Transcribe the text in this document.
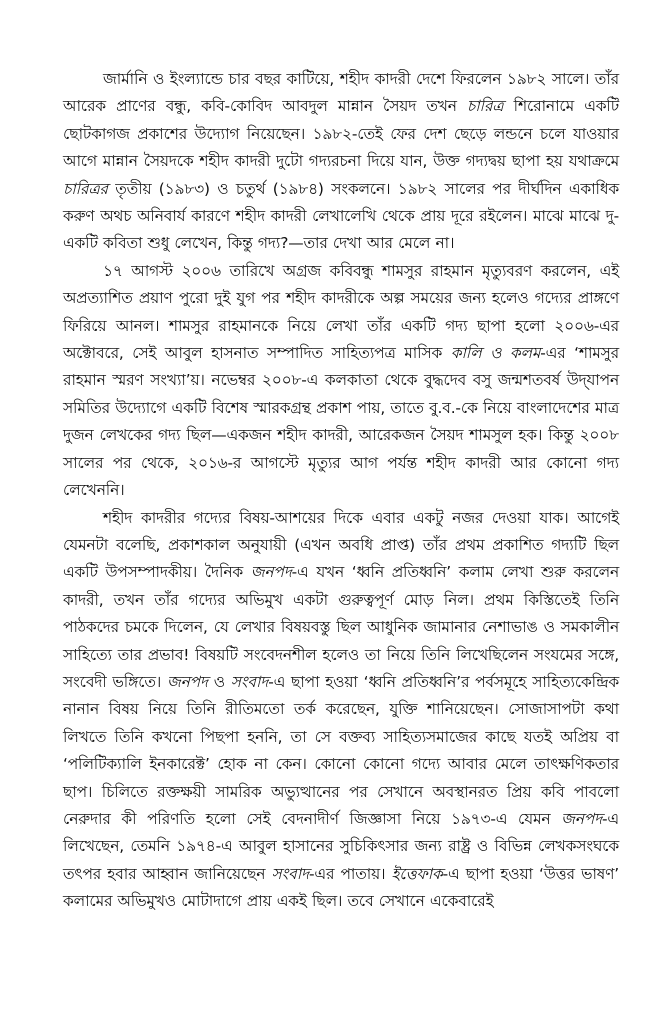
জার্মানি ও ইংল্যান্ডে চার বছর কাটিয়ে, শহীদ কাদরী দেশে ফিরলেন ১৯৮২ সালে। তাঁর আরেক প্রাণের বন্ধু, কবি-কোবিদ আবদুল মান্নান সৈয়দ তখন চারিত্র শিরোনামে একটি ছোটকাগজ প্রকাশের উদ্যোগ নিয়েছেন। ১৯৮২-তেই ফের দেশ ছেড়ে লন্ডনে চলে যাওয়ার আগে মান্নান সৈয়দকে শহীদ কাদরী দুটো গদ্যরচনা দিয়ে যান, উক্ত গদ্যদ্বয় ছাপা হয় যথাক্রমে চারিত্রর তৃতীয় (১৯৮৩) ও চতুর্থ (১৯৮৪) সংকলনে। ১৯৮২ সালের পর দীর্ঘদিন একাধিক করুণ অথচ অনিবার্য কারণে শহীদ কাদরী লেখালেখি থেকে প্রায় দূরে রইলেন। মাঝে মাঝে দু-একটি কবিতা শুধু লেখেন, কিন্তু গদ্য?—তার দেখা আর মেলে না।

১৭ আগস্ট ২০০৬ তারিখে অগ্রজ কবিবন্ধু শামসুর রাহমান মৃত্যুবরণ করলেন, এই অপ্রত্যাশিত প্রয়াণ পুরো দুই যুগ পর শহীদ কাদরীকে অল্প সময়ের জন্য হলেও গদ্যের প্রাঙ্গণে ফিরিয়ে আনল। শামসুর রাহমানকে নিয়ে লেখা তাঁর একটি গদ্য ছাপা হলো ২০০৬-এর অক্টোবরে, সেই আবুল হাসনাত সম্পাদিত সাহিত্যপত্র মাসিক কালি ও কলম-এর ‘শামসুর রাহমান স্মরণ সংখ্যা’য়। নভেম্বর ২০০৮-এ কলকাতা থেকে বুদ্ধদেব বসু জন্মশতবর্ষ উদ্‌যাপন সমিতির উদ্যোগে একটি বিশেষ স্মারকগ্রন্থ প্রকাশ পায়, তাতে বু.ব.-কে নিয়ে বাংলাদেশের মাত্র দুজন লেখকের গদ্য ছিল—একজন শহীদ কাদরী, আরেকজন সৈয়দ শামসুল হক। কিন্তু ২০০৮ সালের পর থেকে, ২০১৬-র আগস্টে মৃত্যুর আগ পর্যন্ত শহীদ কাদরী আর কোনো গদ্য লেখেননি।

শহীদ কাদরীর গদ্যের বিষয়-আশয়ের দিকে এবার একটু নজর দেওয়া যাক। আগেই যেমনটা বলেছি, প্রকাশকাল অনুযায়ী (এখন অবধি প্রাপ্ত) তাঁর প্রথম প্রকাশিত গদ্যটি ছিল একটি উপসম্পাদকীয়। দৈনিক জনপদ-এ যখন ‘ধ্বনি প্রতিধ্বনি’ কলাম লেখা শুরু করলেন কাদরী, তখন তাঁর গদ্যের অভিমুখ একটা গুরুত্বপূর্ণ মোড় নিল। প্রথম কিস্তিতেই তিনি পাঠকদের চমকে দিলেন, যে লেখার বিষয়বস্তু ছিল আধুনিক জামানার নেশাভাঙ ও সমকালীন সাহিত্যে তার প্রভাব! বিষয়টি সংবেদনশীল হলেও তা নিয়ে তিনি লিখেছিলেন সংযমের সঙ্গে, সংবেদী ভঙ্গিতে। জনপদ ও সংবাদ-এ ছাপা হওয়া ‘ধ্বনি প্রতিধ্বনি’র পর্বসমূহে সাহিত্যকেন্দ্রিক নানান বিষয় নিয়ে তিনি রীতিমতো তর্ক করেছেন, যুক্তি শানিয়েছেন। সোজাসাপটা কথা লিখতে তিনি কখনো পিছপা হননি, তা সে বক্তব্য সাহিত্যসমাজের কাছে যতই অপ্রিয় বা ‘পলিটিক্যালি ইনকারেক্ট’ হোক না কেন। কোনো কোনো গদ্যে আবার মেলে তাৎক্ষণিকতার ছাপ। চিলিতে রক্তক্ষয়ী সামরিক অভ্যুত্থানের পর সেখানে অবস্থানরত প্রিয় কবি পাবলো নেরুদার কী পরিণতি হলো সেই বেদনাদীর্ণ জিজ্ঞাসা নিয়ে ১৯৭৩-এ যেমন জনপদ-এ লিখেছেন, তেমনি ১৯৭৪-এ আবুল হাসানের সুচিকিৎসার জন্য রাষ্ট্র ও বিভিন্ন লেখকসংঘকে তৎপর হবার আহ্বান জানিয়েছেন সংবাদ-এর পাতায়। ইত্তেফাক-এ ছাপা হওয়া ‘উত্তর ভাষণ’ কলামের অভিমুখও মোটাদাগে প্রায় একই ছিল। তবে সেখানে একেবারেই
